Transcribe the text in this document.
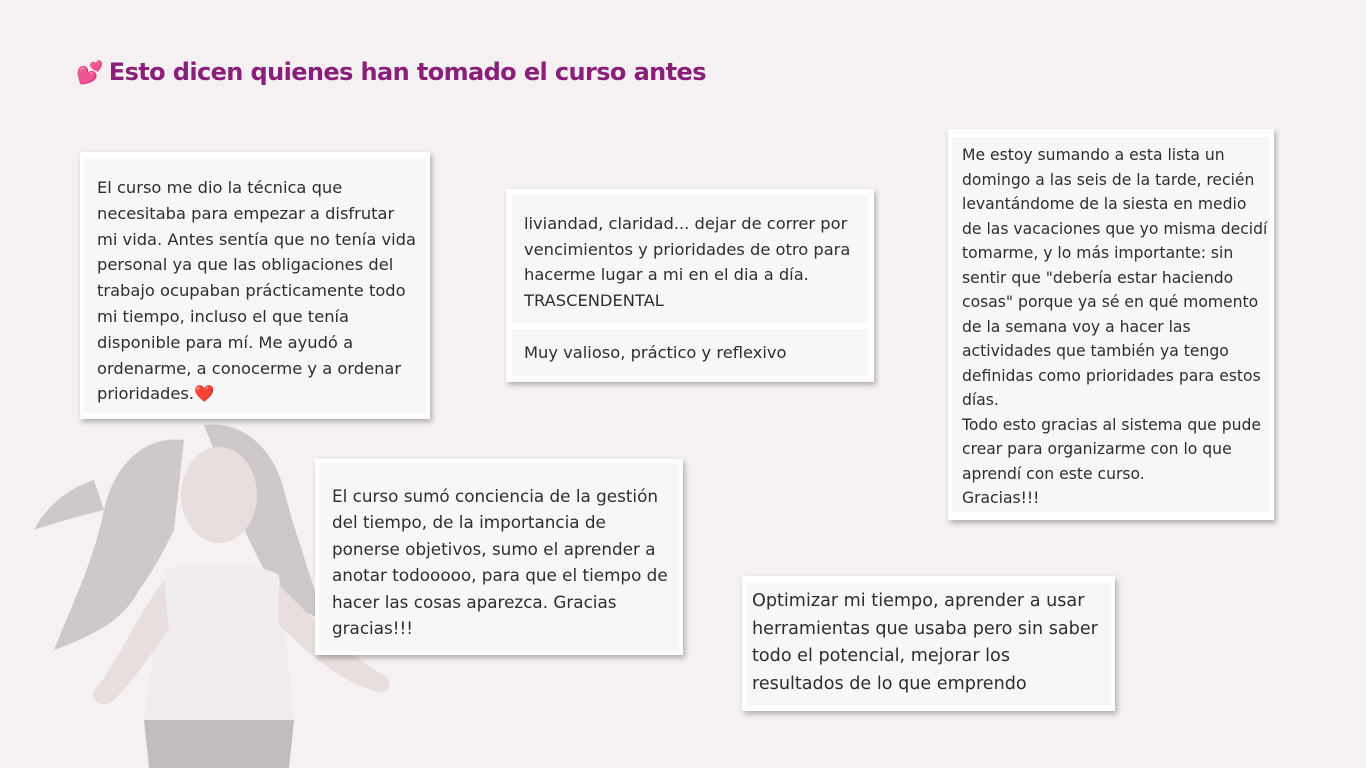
💕 Esto dicen quienes han tomado el curso antes
El curso me dio la técnica que necesitaba para empezar a disfrutar mi vida. Antes sentía que no tenía vida personal ya que las obligaciones del trabajo ocupaban prácticamente todo mi tiempo, incluso el que tenía disponible para mí. Me ayudó a ordenarme, a conocerme y a ordenar prioridades.❤️
liviandad, claridad... dejar de correr por vencimientos y prioridades de otro para hacerme lugar a mi en el dia a día. TRASCENDENTAL
Muy valioso, práctico y reflexivo
Me estoy sumando a esta lista un domingo a las seis de la tarde, recién levantándome de la siesta en medio de las vacaciones que yo misma decidí tomarme, y lo más importante: sin sentir que "debería estar haciendo cosas" porque ya sé en qué momento de la semana voy a hacer las actividades que también ya tengo definidas como prioridades para estos días.
Todo esto gracias al sistema que pude crear para organizarme con lo que aprendí con este curso.
Gracias!!!
El curso sumó conciencia de la gestión del tiempo, de la importancia de ponerse objetivos, sumo el aprender a anotar todooooo, para que el tiempo de hacer las cosas aparezca. Gracias gracias!!!
Optimizar mi tiempo, aprender a usar herramientas que usaba pero sin saber todo el potencial, mejorar los resultados de lo que emprendo
